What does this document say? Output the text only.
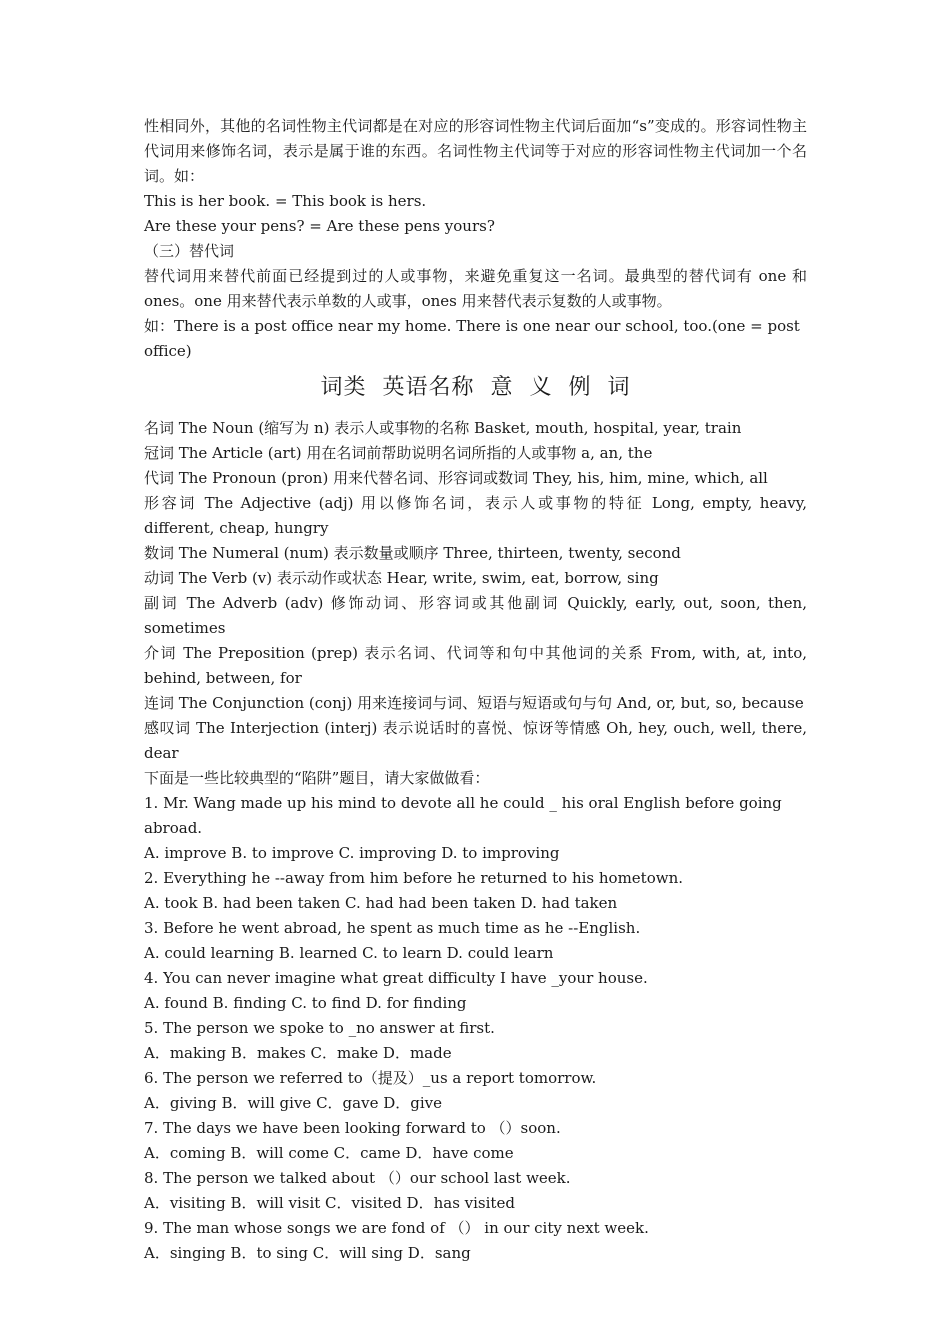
性相同外，其他的名词性物主代词都是在对应的形容词性物主代词后面加“s”变成的。形容词性物主代词用来修饰名词，表示是属于谁的东西。名词性物主代词等于对应的形容词性物主代词加一个名词。如：

This is her book. = This book is hers.

Are these your pens? = Are these pens yours?

（三）替代词

替代词用来替代前面已经提到过的人或事物，来避免重复这一名词。最典型的替代词有 one 和 ones。one 用来替代表示单数的人或事，ones 用来替代表示复数的人或事物。

如：There is a post office near my home. There is one near our school, too.(one = post office)

词类 英语名称 意 义 例 词

名词 The Noun (缩写为 n) 表示人或事物的名称 Basket, mouth, hospital, year, train

冠词 The Article (art) 用在名词前帮助说明名词所指的人或事物 a, an, the

代词 The Pronoun (pron) 用来代替名词、形容词或数词 They, his, him, mine, which, all

形容词 The Adjective (adj) 用以修饰名词，表示人或事物的特征 Long, empty, heavy, different, cheap, hungry

数词 The Numeral (num) 表示数量或顺序 Three, thirteen, twenty, second

动词 The Verb (v) 表示动作或状态 Hear, write, swim, eat, borrow, sing

副词 The Adverb (adv) 修饰动词、形容词或其他副词 Quickly, early, out, soon, then, sometimes

介词 The Preposition (prep) 表示名词、代词等和句中其他词的关系 From, with, at, into, behind, between, for

连词 The Conjunction (conj) 用来连接词与词、短语与短语或句与句 And, or, but, so, because

感叹词 The Interjection (interj) 表示说话时的喜悦、惊讶等情感 Oh, hey, ouch, well, there, dear

下面是一些比较典型的“陷阱”题目，请大家做做看：

1. Mr. Wang made up his mind to devote all he could _ his oral English before going abroad.

A. improve B. to improve C. improving D. to improving

2. Everything he --away from him before he returned to his hometown.

A. took B. had been taken C. had had been taken D. had taken

3. Before he went abroad, he spent as much time as he --English.

A. could learning B. learned C. to learn D. could learn

4. You can never imagine what great difficulty I have _your house.

A. found B. finding C. to find D. for finding

5. The person we spoke to _no answer at first.

A．making B．makes C．make D．made

6. The person we referred to（提及）_us a report tomorrow.

A．giving B．will give C．gave D．give

7. The days we have been looking forward to （）soon.

A．coming B．will come C．came D．have come

8. The person we talked about （）our school last week.

A．visiting B．will visit C．visited D．has visited

9. The man whose songs we are fond of （） in our city next week.

A．singing B．to sing C．will sing D．sang
